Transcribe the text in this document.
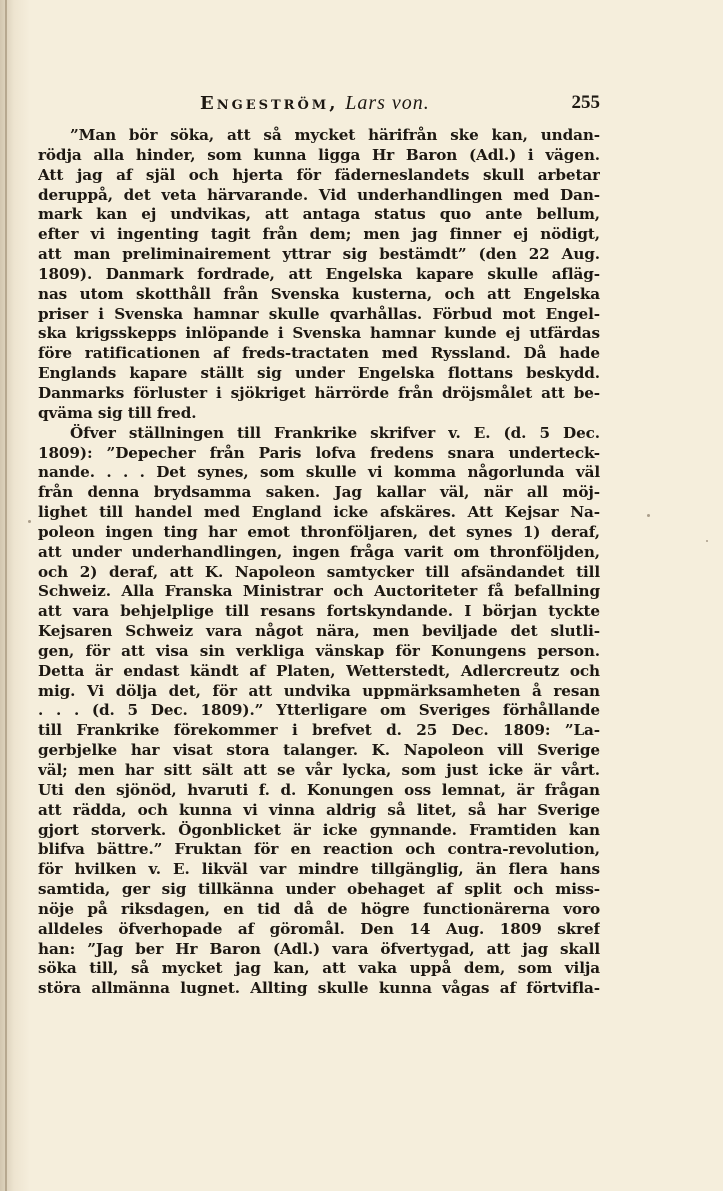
Engeström, Lars von.	255
”Man bör söka, att så mycket härifrån ske kan, undan-
rödja alla hinder, som kunna ligga Hr Baron (Adl.) i vägen.
Att jag af själ och hjerta för fäderneslandets skull arbetar
deruppå, det veta härvarande. Vid underhandlingen med Dan-
mark kan ej undvikas, att antaga status quo ante bellum,
efter vi ingenting tagit från dem; men jag finner ej nödigt,
att man preliminairement yttrar sig bestämdt” (den 22 Aug.
1809). Danmark fordrade, att Engelska kapare skulle afläg-
nas utom skotthåll från Svenska kusterna, och att Engelska
priser i Svenska hamnar skulle qvarhållas. Förbud mot Engel-
ska krigsskepps inlöpande i Svenska hamnar kunde ej utfärdas
före ratificationen af freds-tractaten med Ryssland. Då hade
Englands kapare ställt sig under Engelska flottans beskydd.
Danmarks förluster i sjökriget härrörde från dröjsmålet att be-
qväma sig till fred.
Öfver ställningen till Frankrike skrifver v. E. (d. 5 Dec.
1809): ”Depecher från Paris lofva fredens snara underteck-
nande. . . . Det synes, som skulle vi komma någorlunda väl
från denna brydsamma saken. Jag kallar väl, när all möj-
lighet till handel med England icke afskäres. Att Kejsar Na-
poleon ingen ting har emot thronföljaren, det synes 1) deraf,
att under underhandlingen, ingen fråga varit om thronföljden,
och 2) deraf, att K. Napoleon samtycker till afsändandet till
Schweiz. Alla Franska Ministrar och Auctoriteter få befallning
att vara behjelplige till resans fortskyndande. I början tyckte
Kejsaren Schweiz vara något nära, men beviljade det slutli-
gen, för att visa sin verkliga vänskap för Konungens person.
Detta är endast kändt af Platen, Wetterstedt, Adlercreutz och
mig. Vi dölja det, för att undvika uppmärksamheten å resan
. . . (d. 5 Dec. 1809).” Ytterligare om Sveriges förhållande
till Frankrike förekommer i brefvet d. 25 Dec. 1809: ”La-
gerbjelke har visat stora talanger. K. Napoleon vill Sverige
väl; men har sitt sält att se vår lycka, som just icke är vårt.
Uti den sjönöd, hvaruti f. d. Konungen oss lemnat, är frågan
att rädda, och kunna vi vinna aldrig så litet, så har Sverige
gjort storverk. Ögonblicket är icke gynnande. Framtiden kan
blifva bättre.” Fruktan för en reaction och contra-revolution,
för hvilken v. E. likväl var mindre tillgänglig, än flera hans
samtida, ger sig tillkänna under obehaget af split och miss-
nöje på riksdagen, en tid då de högre functionärerna voro
alldeles öfverhopade af göromål. Den 14 Aug. 1809 skref
han: ”Jag ber Hr Baron (Adl.) vara öfvertygad, att jag skall
söka till, så mycket jag kan, att vaka uppå dem, som vilja
störa allmänna lugnet. Allting skulle kunna vågas af förtvifla-
